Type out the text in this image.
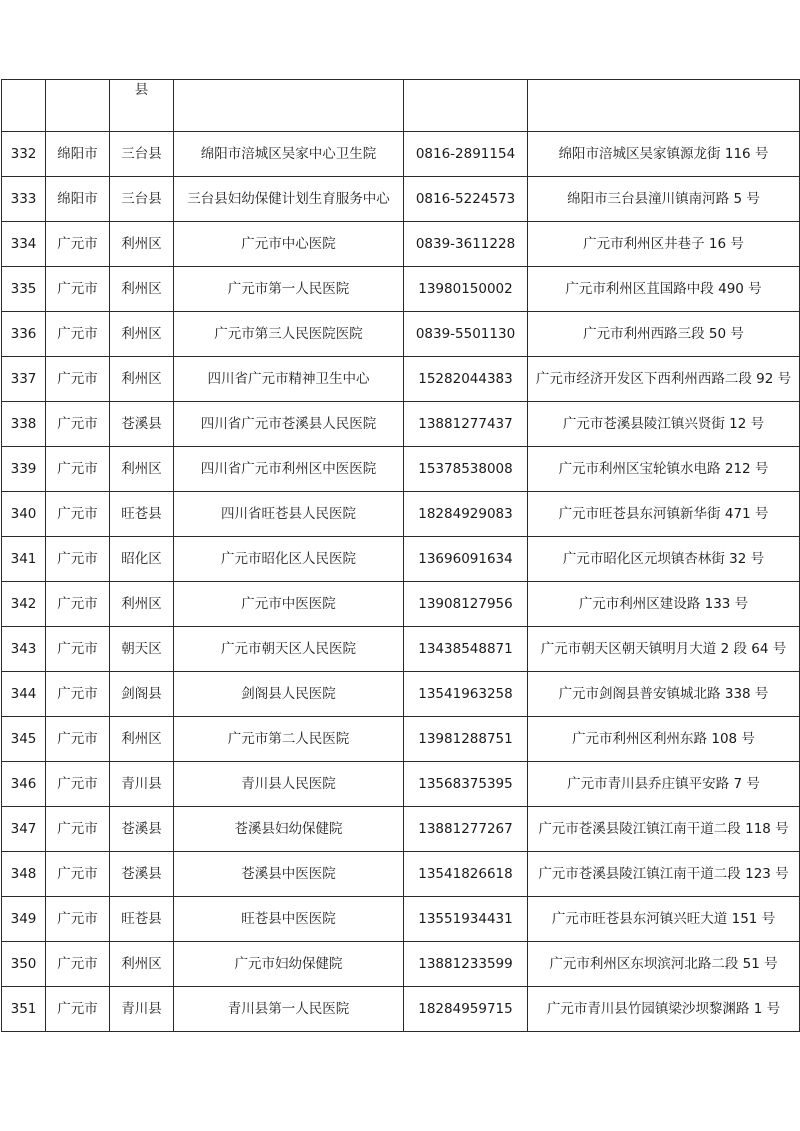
		县			
332	绵阳市	三台县	绵阳市涪城区吴家中心卫生院	0816-2891154	绵阳市涪城区吴家镇源龙街 116 号
333	绵阳市	三台县	三台县妇幼保健计划生育服务中心	0816-5224573	绵阳市三台县潼川镇南河路 5 号
334	广元市	利州区	广元市中心医院	0839-3611228	广元市利州区井巷子 16 号
335	广元市	利州区	广元市第一人民医院	13980150002	广元市利州区苴国路中段 490 号
336	广元市	利州区	广元市第三人民医院医院	0839-5501130	广元市利州西路三段 50 号
337	广元市	利州区	四川省广元市精神卫生中心	15282044383	广元市经济开发区下西利州西路二段 92 号
338	广元市	苍溪县	四川省广元市苍溪县人民医院	13881277437	广元市苍溪县陵江镇兴贤街 12 号
339	广元市	利州区	四川省广元市利州区中医医院	15378538008	广元市利州区宝轮镇水电路 212 号
340	广元市	旺苍县	四川省旺苍县人民医院	18284929083	广元市旺苍县东河镇新华街 471 号
341	广元市	昭化区	广元市昭化区人民医院	13696091634	广元市昭化区元坝镇杏林街 32 号
342	广元市	利州区	广元市中医医院	13908127956	广元市利州区建设路 133 号
343	广元市	朝天区	广元市朝天区人民医院	13438548871	广元市朝天区朝天镇明月大道 2 段 64 号
344	广元市	剑阁县	剑阁县人民医院	13541963258	广元市剑阁县普安镇城北路 338 号
345	广元市	利州区	广元市第二人民医院	13981288751	广元市利州区利州东路 108 号
346	广元市	青川县	青川县人民医院	13568375395	广元市青川县乔庄镇平安路 7 号
347	广元市	苍溪县	苍溪县妇幼保健院	13881277267	广元市苍溪县陵江镇江南干道二段 118 号
348	广元市	苍溪县	苍溪县中医医院	13541826618	广元市苍溪县陵江镇江南干道二段 123 号
349	广元市	旺苍县	旺苍县中医医院	13551934431	广元市旺苍县东河镇兴旺大道 151 号
350	广元市	利州区	广元市妇幼保健院	13881233599	广元市利州区东坝滨河北路二段 51 号
351	广元市	青川县	青川县第一人民医院	18284959715	广元市青川县竹园镇梁沙坝黎渊路 1 号
